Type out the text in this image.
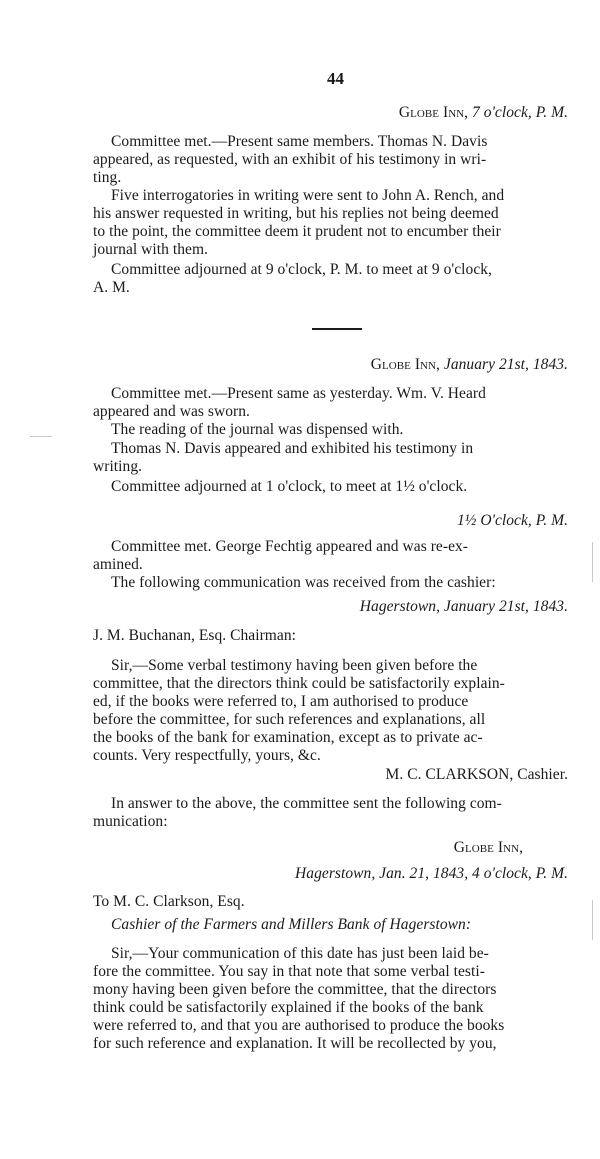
44
Globe Inn, 7 o'clock, P. M.
Committee met.—Present same members. Thomas N. Davis
appeared, as requested, with an exhibit of his testimony in wri-
ting.
Five interrogatories in writing were sent to John A. Rench, and
his answer requested in writing, but his replies not being deemed
to the point, the committee deem it prudent not to encumber their
journal with them.
Committee adjourned at 9 o'clock, P. M. to meet at 9 o'clock,
A. M.
Globe Inn, January 21st, 1843.
Committee met.—Present same as yesterday. Wm. V. Heard
appeared and was sworn.
The reading of the journal was dispensed with.
Thomas N. Davis appeared and exhibited his testimony in
writing.
Committee adjourned at 1 o'clock, to meet at 1½ o'clock.
1½ O'clock, P. M.
Committee met. George Fechtig appeared and was re-ex-
amined.
The following communication was received from the cashier:
Hagerstown, January 21st, 1843.
J. M. Buchanan, Esq. Chairman:
Sir,—Some verbal testimony having been given before the
committee, that the directors think could be satisfactorily explain-
ed, if the books were referred to, I am authorised to produce
before the committee, for such references and explanations, all
the books of the bank for examination, except as to private ac-
counts. Very respectfully, yours, &c.
M. C. CLARKSON, Cashier.
In answer to the above, the committee sent the following com-
munication:
Globe Inn,
Hagerstown, Jan. 21, 1843, 4 o'clock, P. M.
To M. C. Clarkson, Esq.
Cashier of the Farmers and Millers Bank of Hagerstown:
Sir,—Your communication of this date has just been laid be-
fore the committee. You say in that note that some verbal testi-
mony having been given before the committee, that the directors
think could be satisfactorily explained if the books of the bank
were referred to, and that you are authorised to produce the books
for such reference and explanation. It will be recollected by you,
